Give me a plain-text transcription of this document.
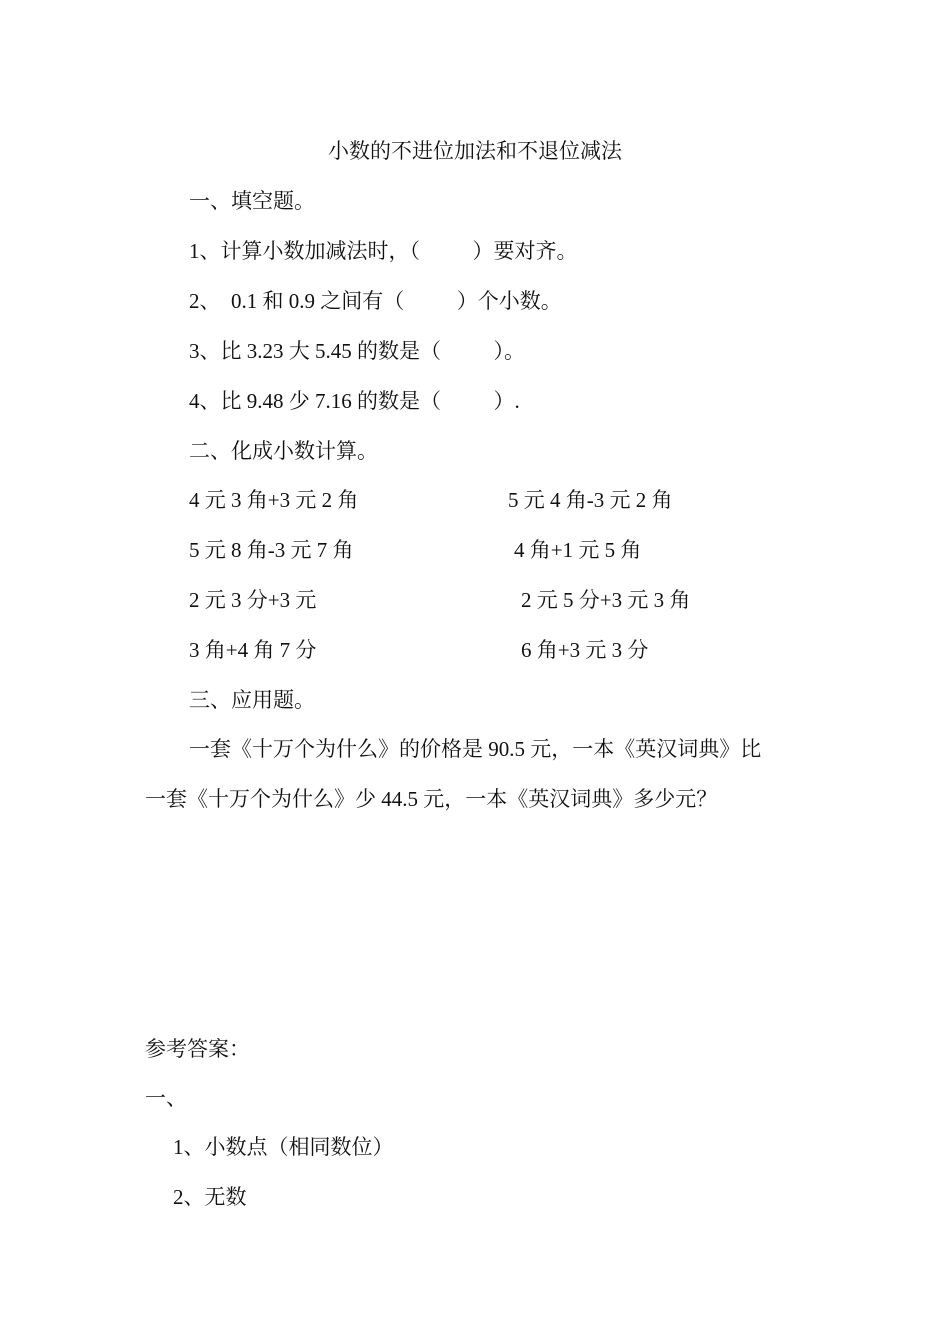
小数的不进位加法和不退位减法
一、填空题。
1、计算小数加减法时，（          ）要对齐。
2、  0.1 和 0.9 之间有（          ）个小数。
3、比 3.23 大 5.45 的数是（          ）。
4、比 9.48 少 7.16 的数是（          ）.
二、化成小数计算。
4 元 3 角+3 元 2 角	5 元 4 角-3 元 2 角
5 元 8 角-3 元 7 角	4 角+1 元 5 角
2 元 3 分+3 元	2 元 5 分+3 元 3 角
3 角+4 角 7 分	6 角+3 元 3 分
三、应用题。
一套《十万个为什么》的价格是 90.5 元，一本《英汉词典》比
一套《十万个为什么》少 44.5 元，一本《英汉词典》多少元？
参考答案：
一、
1、小数点（相同数位）
2、无数
